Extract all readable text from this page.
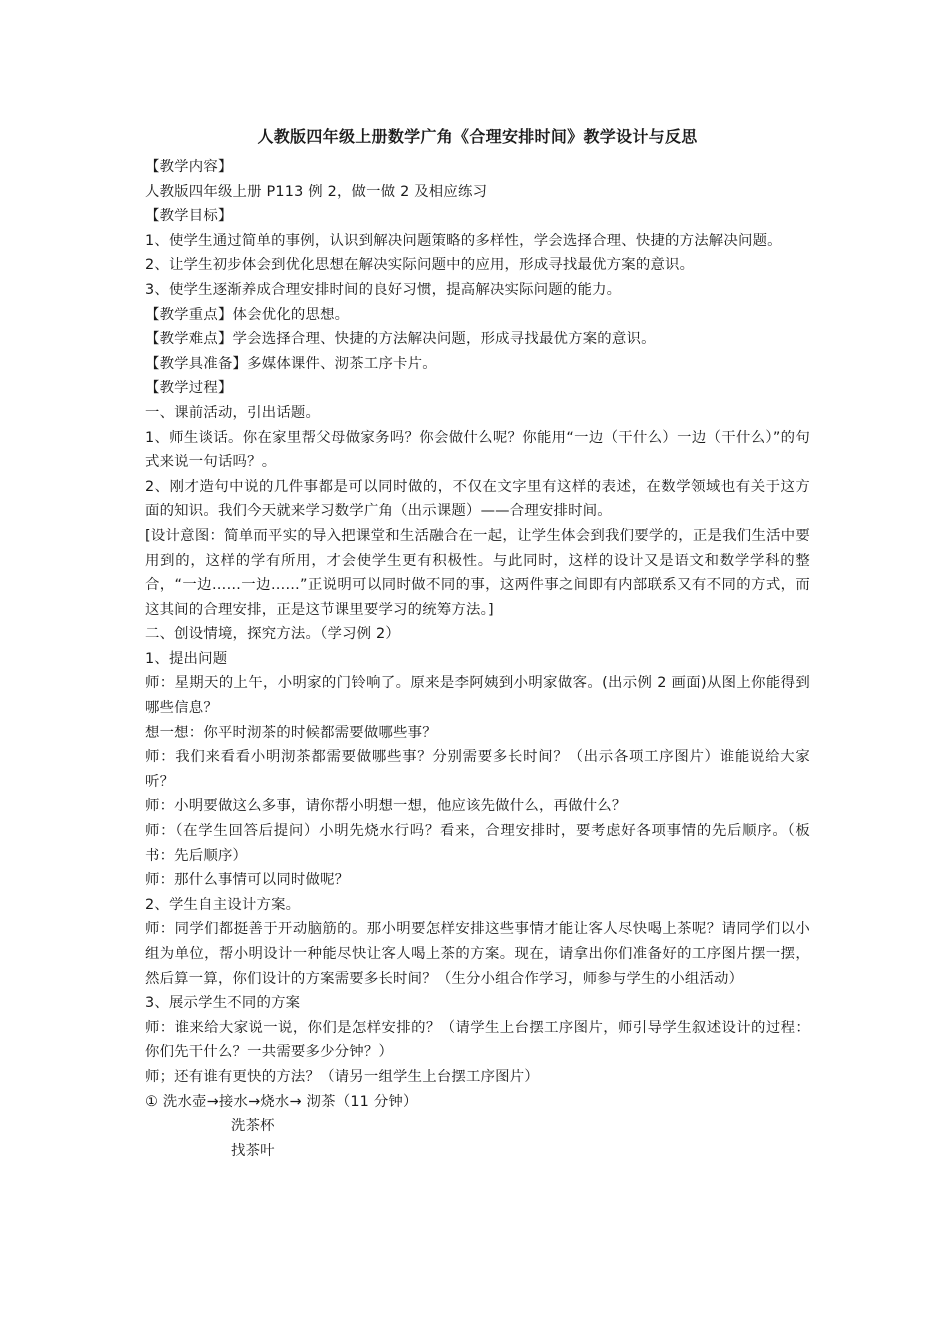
人教版四年级上册数学广角《合理安排时间》教学设计与反思

【教学内容】

人教版四年级上册 P113 例 2，做一做 2 及相应练习

【教学目标】

1、使学生通过简单的事例，认识到解决问题策略的多样性，学会选择合理、快捷的方法解决问题。

2、让学生初步体会到优化思想在解决实际问题中的应用，形成寻找最优方案的意识。

3、使学生逐渐养成合理安排时间的良好习惯，提高解决实际问题的能力。

【教学重点】体会优化的思想。

【教学难点】学会选择合理、快捷的方法解决问题，形成寻找最优方案的意识。

【教学具准备】多媒体课件、沏茶工序卡片。

【教学过程】

一、课前活动，引出话题。

1、师生谈话。你在家里帮父母做家务吗？你会做什么呢？你能用“一边（干什么）一边（干什么）”的句式来说一句话吗？。

2、刚才造句中说的几件事都是可以同时做的，不仅在文字里有这样的表述，在数学领域也有关于这方面的知识。我们今天就来学习数学广角（出示课题）——合理安排时间。

[设计意图：简单而平实的导入把课堂和生活融合在一起，让学生体会到我们要学的，正是我们生活中要用到的，这样的学有所用，才会使学生更有积极性。与此同时，这样的设计又是语文和数学学科的整合，“一边……一边……”正说明可以同时做不同的事，这两件事之间即有内部联系又有不同的方式，而这其间的合理安排，正是这节课里要学习的统筹方法。]

二、创设情境，探究方法。（学习例 2）

1、提出问题

师：星期天的上午，小明家的门铃响了。原来是李阿姨到小明家做客。(出示例 2 画面)从图上你能得到哪些信息？

想一想：你平时沏茶的时候都需要做哪些事？

师：我们来看看小明沏茶都需要做哪些事？分别需要多长时间？（出示各项工序图片）谁能说给大家听？

师：小明要做这么多事，请你帮小明想一想，他应该先做什么，再做什么？

师：（在学生回答后提问）小明先烧水行吗？看来，合理安排时，要考虑好各项事情的先后顺序。（板书：先后顺序）

师：那什么事情可以同时做呢？

2、学生自主设计方案。

师：同学们都挺善于开动脑筋的。那小明要怎样安排这些事情才能让客人尽快喝上茶呢？请同学们以小组为单位，帮小明设计一种能尽快让客人喝上茶的方案。现在，请拿出你们准备好的工序图片摆一摆，然后算一算，你们设计的方案需要多长时间？（生分小组合作学习，师参与学生的小组活动）

3、展示学生不同的方案

师：谁来给大家说一说，你们是怎样安排的？（请学生上台摆工序图片，师引导学生叙述设计的过程：你们先干什么？一共需要多少分钟？）

师；还有谁有更快的方法？（请另一组学生上台摆工序图片）

① 洗水壶→接水→烧水→ 沏茶（11 分钟）

洗茶杯

找茶叶
